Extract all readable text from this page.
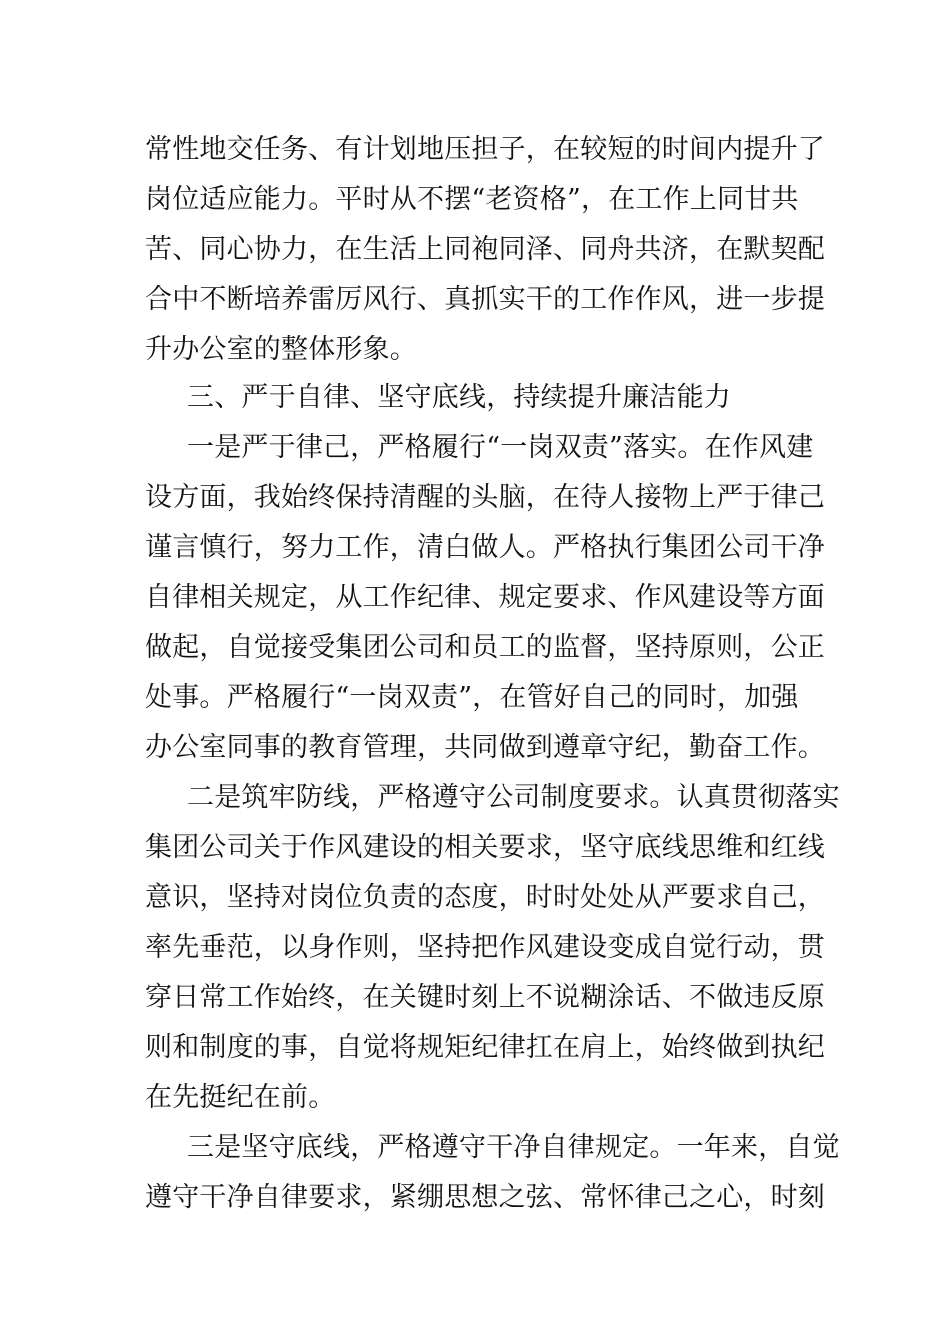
常性地交任务、有计划地压担子，在较短的时间内提升了
岗位适应能力。平时从不摆“老资格”，在工作上同甘共
苦、同心协力，在生活上同袍同泽、同舟共济，在默契配
合中不断培养雷厉风行、真抓实干的工作作风，进一步提
升办公室的整体形象。
三、严于自律、坚守底线，持续提升廉洁能力
一是严于律己，严格履行“一岗双责”落实。在作风建
设方面，我始终保持清醒的头脑，在待人接物上严于律己
谨言慎行，努力工作，清白做人。严格执行集团公司干净
自律相关规定，从工作纪律、规定要求、作风建设等方面
做起，自觉接受集团公司和员工的监督，坚持原则，公正
处事。严格履行“一岗双责”，在管好自己的同时，加强
办公室同事的教育管理，共同做到遵章守纪，勤奋工作。
二是筑牢防线，严格遵守公司制度要求。认真贯彻落实
集团公司关于作风建设的相关要求，坚守底线思维和红线
意识，坚持对岗位负责的态度，时时处处从严要求自己，
率先垂范，以身作则，坚持把作风建设变成自觉行动，贯
穿日常工作始终，在关键时刻上不说糊涂话、不做违反原
则和制度的事，自觉将规矩纪律扛在肩上，始终做到执纪
在先挺纪在前。
三是坚守底线，严格遵守干净自律规定。一年来，自觉
遵守干净自律要求，紧绷思想之弦、常怀律己之心，时刻
